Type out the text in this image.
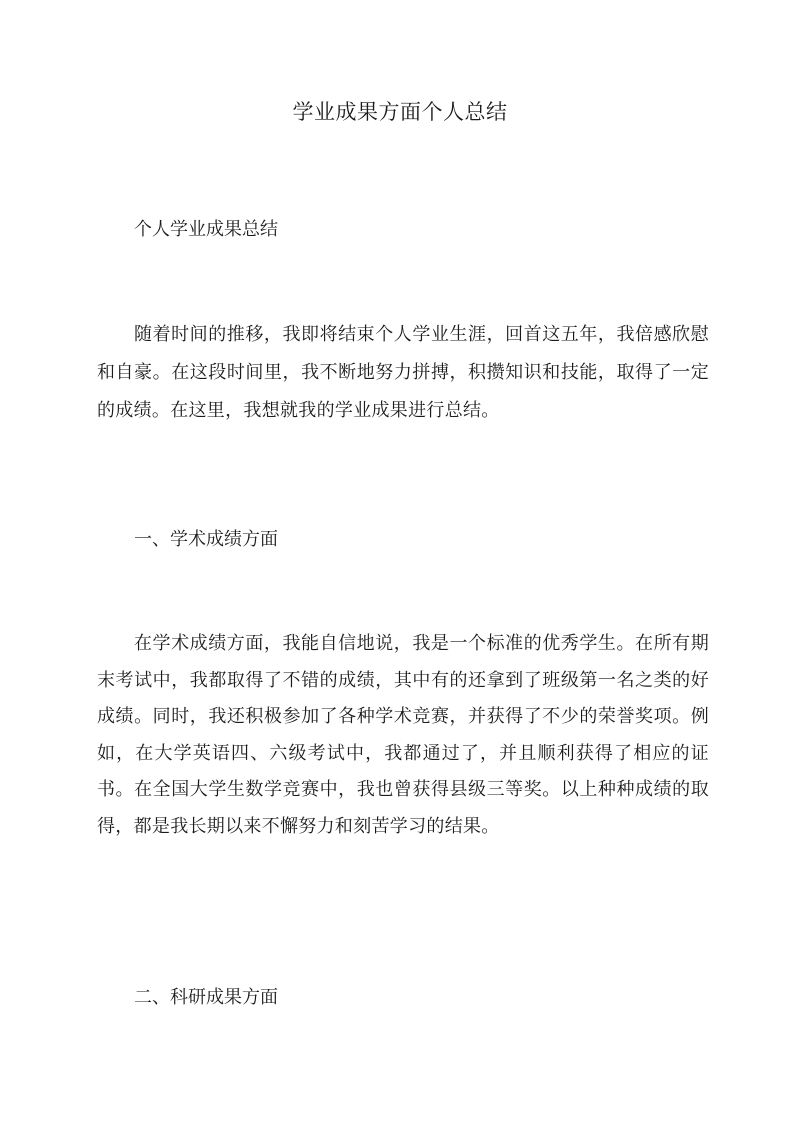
学业成果方面个人总结

个人学业成果总结

随着时间的推移，我即将结束个人学业生涯，回首这五年，我倍感欣慰和自豪。在这段时间里，我不断地努力拼搏，积攒知识和技能，取得了一定的成绩。在这里，我想就我的学业成果进行总结。

一、学术成绩方面

在学术成绩方面，我能自信地说，我是一个标准的优秀学生。在所有期末考试中，我都取得了不错的成绩，其中有的还拿到了班级第一名之类的好成绩。同时，我还积极参加了各种学术竞赛，并获得了不少的荣誉奖项。例如，在大学英语四、六级考试中，我都通过了，并且顺利获得了相应的证书。在全国大学生数学竞赛中，我也曾获得县级三等奖。以上种种成绩的取得，都是我长期以来不懈努力和刻苦学习的结果。

二、科研成果方面
